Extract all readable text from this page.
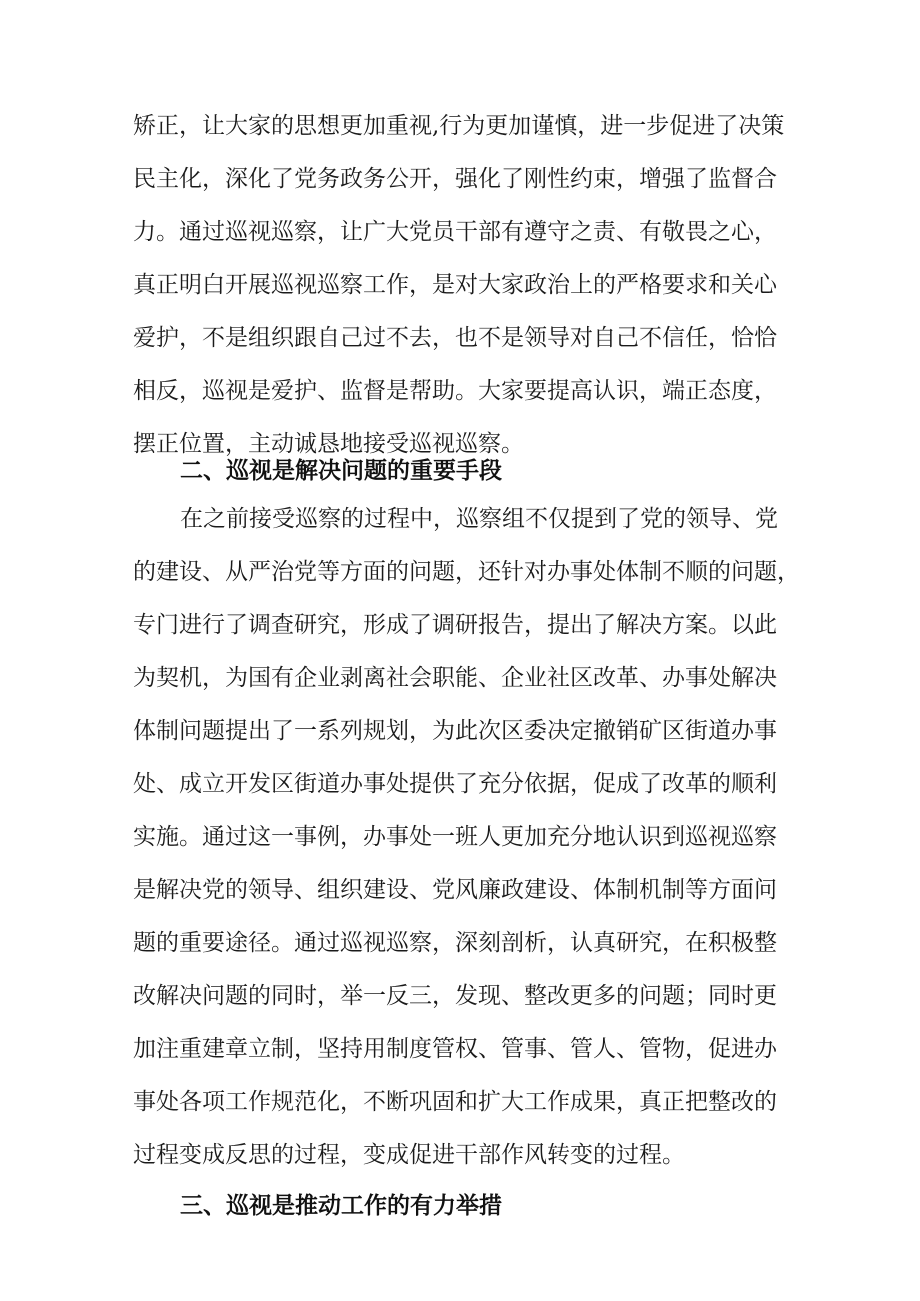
矫正，让大家的思想更加重视,行为更加谨慎，进一步促进了决策
民主化，深化了党务政务公开，强化了刚性约束，增强了监督合
力。通过巡视巡察，让广大党员干部有遵守之责、有敬畏之心，
真正明白开展巡视巡察工作，是对大家政治上的严格要求和关心
爱护，不是组织跟自己过不去，也不是领导对自己不信任，恰恰
相反，巡视是爱护、监督是帮助。大家要提高认识，端正态度，
摆正位置，主动诚恳地接受巡视巡察。
二、巡视是解决问题的重要手段
在之前接受巡察的过程中，巡察组不仅提到了党的领导、党
的建设、从严治党等方面的问题，还针对办事处体制不顺的问题，
专门进行了调查研究，形成了调研报告，提出了解决方案。以此
为契机，为国有企业剥离社会职能、企业社区改革、办事处解决
体制问题提出了一系列规划，为此次区委决定撤销矿区街道办事
处、成立开发区街道办事处提供了充分依据，促成了改革的顺利
实施。通过这一事例，办事处一班人更加充分地认识到巡视巡察
是解决党的领导、组织建设、党风廉政建设、体制机制等方面问
题的重要途径。通过巡视巡察，深刻剖析，认真研究，在积极整
改解决问题的同时，举一反三，发现、整改更多的问题；同时更
加注重建章立制，坚持用制度管权、管事、管人、管物，促进办
事处各项工作规范化，不断巩固和扩大工作成果，真正把整改的
过程变成反思的过程，变成促进干部作风转变的过程。
三、巡视是推动工作的有力举措
